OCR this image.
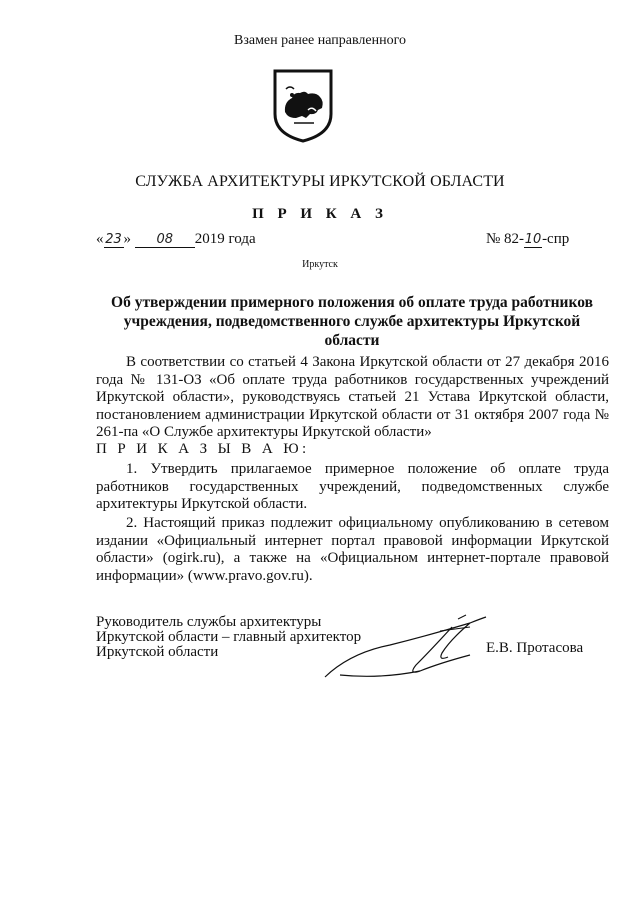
Взамен ранее направленного
СЛУЖБА АРХИТЕКТУРЫ ИРКУТСКОЙ ОБЛАСТИ
П Р И К А З
« 23 » 08 2019 года	№ 82-10-спр
Иркутск
Об утверждении примерного положения об оплате труда работников учреждения, подведомственного службе архитектуры Иркутской области
В соответствии со статьей 4 Закона Иркутской области от 27 декабря 2016 года № 131-ОЗ «Об оплате труда работников государственных учреждений Иркутской области», руководствуясь статьей 21 Устава Иркутской области, постановлением администрации Иркутской области от 31 октября 2007 года № 261-па «О Службе архитектуры Иркутской области»
П Р И К А З Ы В А Ю:
1. Утвердить прилагаемое примерное положение об оплате труда работников государственных учреждений, подведомственных службе архитектуры Иркутской области.
2. Настоящий приказ подлежит официальному опубликованию в сетевом издании «Официальный интернет портал правовой информации Иркутской области» (ogirk.ru), а также на «Официальном интернет-портале правовой информации» (www.pravo.gov.ru).
Руководитель службы архитектуры
Иркутской области – главный архитектор
Иркутской области	Е.В. Протасова
